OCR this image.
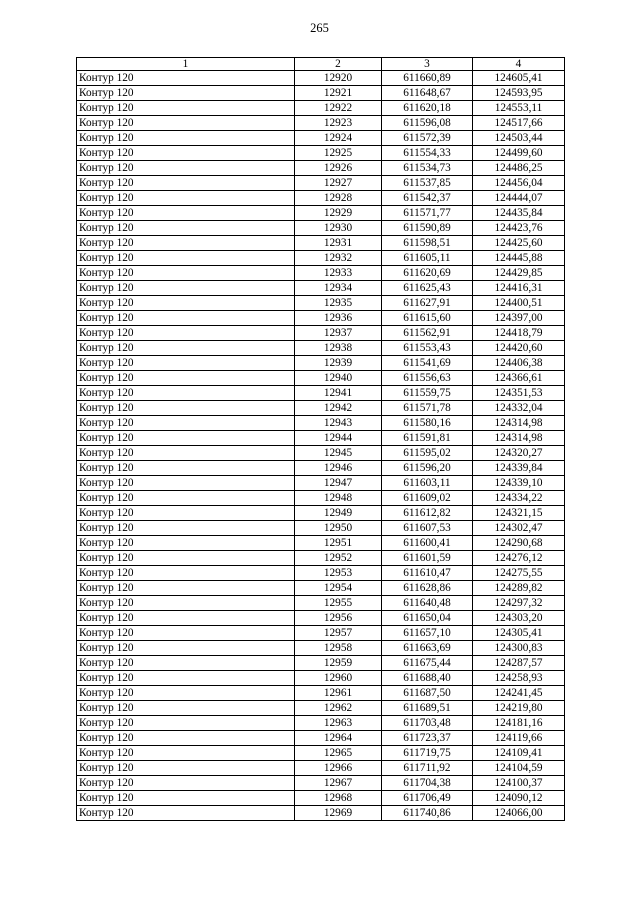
265
1	2	3	4
Контур 120	12920	611660,89	124605,41
Контур 120	12921	611648,67	124593,95
Контур 120	12922	611620,18	124553,11
Контур 120	12923	611596,08	124517,66
Контур 120	12924	611572,39	124503,44
Контур 120	12925	611554,33	124499,60
Контур 120	12926	611534,73	124486,25
Контур 120	12927	611537,85	124456,04
Контур 120	12928	611542,37	124444,07
Контур 120	12929	611571,77	124435,84
Контур 120	12930	611590,89	124423,76
Контур 120	12931	611598,51	124425,60
Контур 120	12932	611605,11	124445,88
Контур 120	12933	611620,69	124429,85
Контур 120	12934	611625,43	124416,31
Контур 120	12935	611627,91	124400,51
Контур 120	12936	611615,60	124397,00
Контур 120	12937	611562,91	124418,79
Контур 120	12938	611553,43	124420,60
Контур 120	12939	611541,69	124406,38
Контур 120	12940	611556,63	124366,61
Контур 120	12941	611559,75	124351,53
Контур 120	12942	611571,78	124332,04
Контур 120	12943	611580,16	124314,98
Контур 120	12944	611591,81	124314,98
Контур 120	12945	611595,02	124320,27
Контур 120	12946	611596,20	124339,84
Контур 120	12947	611603,11	124339,10
Контур 120	12948	611609,02	124334,22
Контур 120	12949	611612,82	124321,15
Контур 120	12950	611607,53	124302,47
Контур 120	12951	611600,41	124290,68
Контур 120	12952	611601,59	124276,12
Контур 120	12953	611610,47	124275,55
Контур 120	12954	611628,86	124289,82
Контур 120	12955	611640,48	124297,32
Контур 120	12956	611650,04	124303,20
Контур 120	12957	611657,10	124305,41
Контур 120	12958	611663,69	124300,83
Контур 120	12959	611675,44	124287,57
Контур 120	12960	611688,40	124258,93
Контур 120	12961	611687,50	124241,45
Контур 120	12962	611689,51	124219,80
Контур 120	12963	611703,48	124181,16
Контур 120	12964	611723,37	124119,66
Контур 120	12965	611719,75	124109,41
Контур 120	12966	611711,92	124104,59
Контур 120	12967	611704,38	124100,37
Контур 120	12968	611706,49	124090,12
Контур 120	12969	611740,86	124066,00
